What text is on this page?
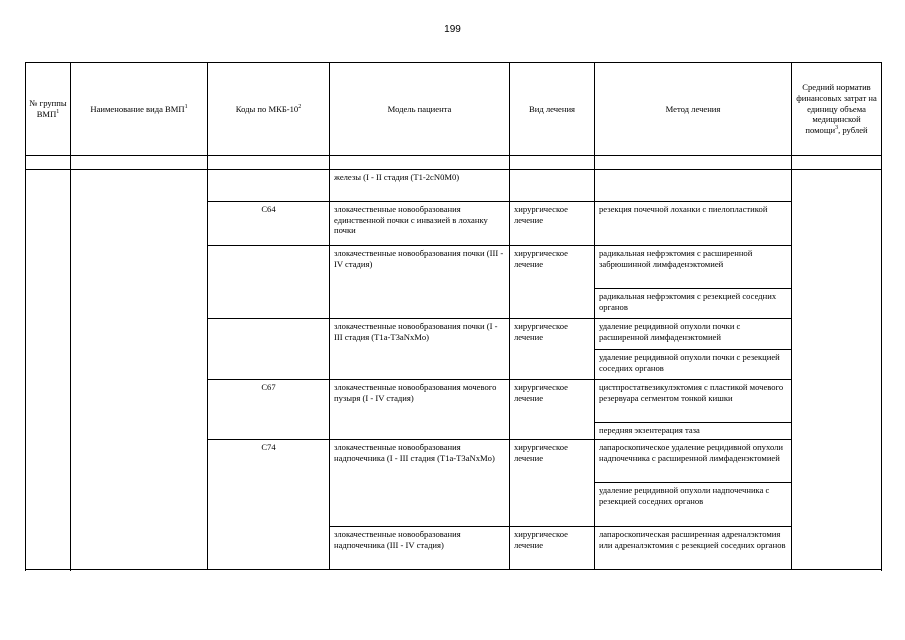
199
№ группы ВМП$^1$	Наименование вида ВМП$^1$	Коды по МКБ-$10^2$	Модель пациента	Вид лечения	Метод лечения	Средний норматив финансовых затрат на единицу объема медицинской помощи$^3$, рублей

			железы (I - II стадия (T1-2cN0M0)			
		C64	злокачественные новообразования единственной почки с инвазией в лоханку почки	хирургическое лечение	резекция почечной лоханки с пиелопластикой	
			злокачественные новообразования почки (III - IV стадия)	хирургическое лечение	радикальная нефрэктомия с расширенной забрюшинной лимфаденэктомией	
					радикальная нефрэктомия с резекцией соседних органов	
			злокачественные новообразования почки (I - III стадия (T1a-T3aNxMo)	хирургическое лечение	удаление рецидивной опухоли почки с расширенной лимфаденэктомией	
					удаление рецидивной опухоли почки с резекцией соседних органов	
		C67	злокачественные новообразования мочевого пузыря (I - IV стадия)	хирургическое лечение	цистпростатвезикулэктомия с пластикой мочевого резервуара сегментом тонкой кишки	
					передняя экзентерация таза	
		C74	злокачественные новообразования надпочечника (I - III стадия (T1a-T3aNxMo)	хирургическое лечение	лапароскопическое удаление рецидивной опухоли надпочечника с расширенной лимфаденэктомией	
					удаление рецидивной опухоли надпочечника с резекцией соседних органов	
			злокачественные новообразования надпочечника (III - IV стадия)	хирургическое лечение	лапароскопическая расширенная адреналэктомия или адреналэктомия с резекцией соседних органов	
